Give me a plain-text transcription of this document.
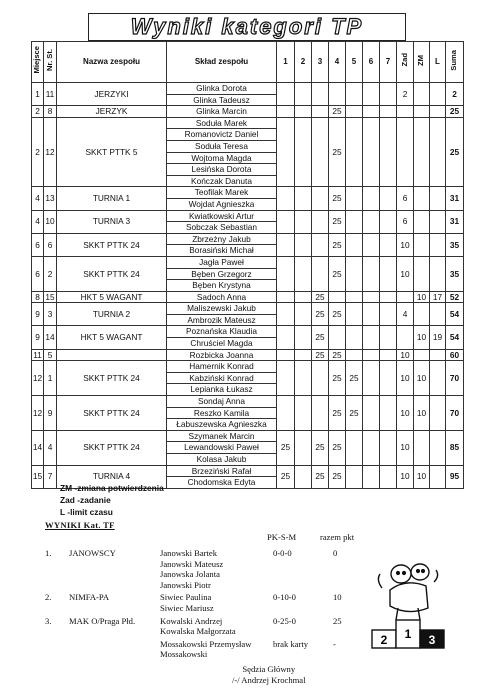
Wyniki kategori TP
Miejsce	Nr. St.	Nazwa zespołu	Skład zespołu	1	2	3	4	5	6	7	Zad	ZM	L	Suma
1	11	JERZYKI	Glinka Dorota								2			2
			Glinka Tadeusz											
2	8	JERZYK	Glinka Marcin				25							25
2	12	SKKT PTTK 5	Soduła Marek				25							25
			Romanovictz Daniel											
			Soduła Teresa											
			Wojtoma Magda											
			Lesińska Dorota											
			Kończak Danuta											
4	13	TURNIA 1	Teofilak Marek				25				6			31
			Wojdat Agnieszka											
4	10	TURNIA 3	Kwiatkowski Artur				25				6			31
			Sobczak Sebastian											
6	6	SKKT PTTK 24	Zbrzeżny Jakub				25				10			35
			Borasiński Michał											
6	2	SKKT PTTK 24	Jagła Paweł				25				10			35
			Bęben Grzegorz											
			Bęben Krystyna											
8	15	HKT 5 WAGANT	Sadoch Anna			25						10	17	52
9	3	TURNIA 2	Maliszewski Jakub			25	25				4			54
			Ambrozik Mateusz											
9	14	HKT 5 WAGANT	Poznańska Klaudia			25						10	19	54
			Chruściel Magda											
11	5		Rozbicka Joanna			25	25				10			60
12	1	SKKT PTTK 24	Hamernik Konrad				25	25			10	10		70
			Kabziński Konrad											
			Lepianka Łukasz											
12	9	SKKT PTTK 24	Sondaj Anna				25	25			10	10		70
			Reszko Kamila											
			Łabuszewska Agnieszka											
14	4	SKKT PTTK 24	Szymanek Marcin	25		25	25				10			85
			Lewandowski Paweł											
			Kolasa Jakub											
15	7	TURNIA 4	Brzeziński Rafał	25		25	25				10	10		95
			Chodomska Edyta											
ZM -zmiana potwierdzenia
Zad -zadanie
L -limit czasu
WYNIKI Kat. TF
PK-S-M	razem pkt
1. JANOWSCY	Janowski Bartek
Janowski Mateusz
Janowska Jolanta
Janowski Piotr
0-0-0	0
2. NIMFA-PA	Siwiec Paulina
Siwiec Mariusz
0-10-0	10
3. MAK O/Praga Płd.	Kowalski Andrzej
Kowalska Małgorzata
0-25-0	25
Mossakowski Przemysław
Mossakowski
brak karty	-	2 1 3
Sędzia Główny
/-/ Andrzej Krochmal
